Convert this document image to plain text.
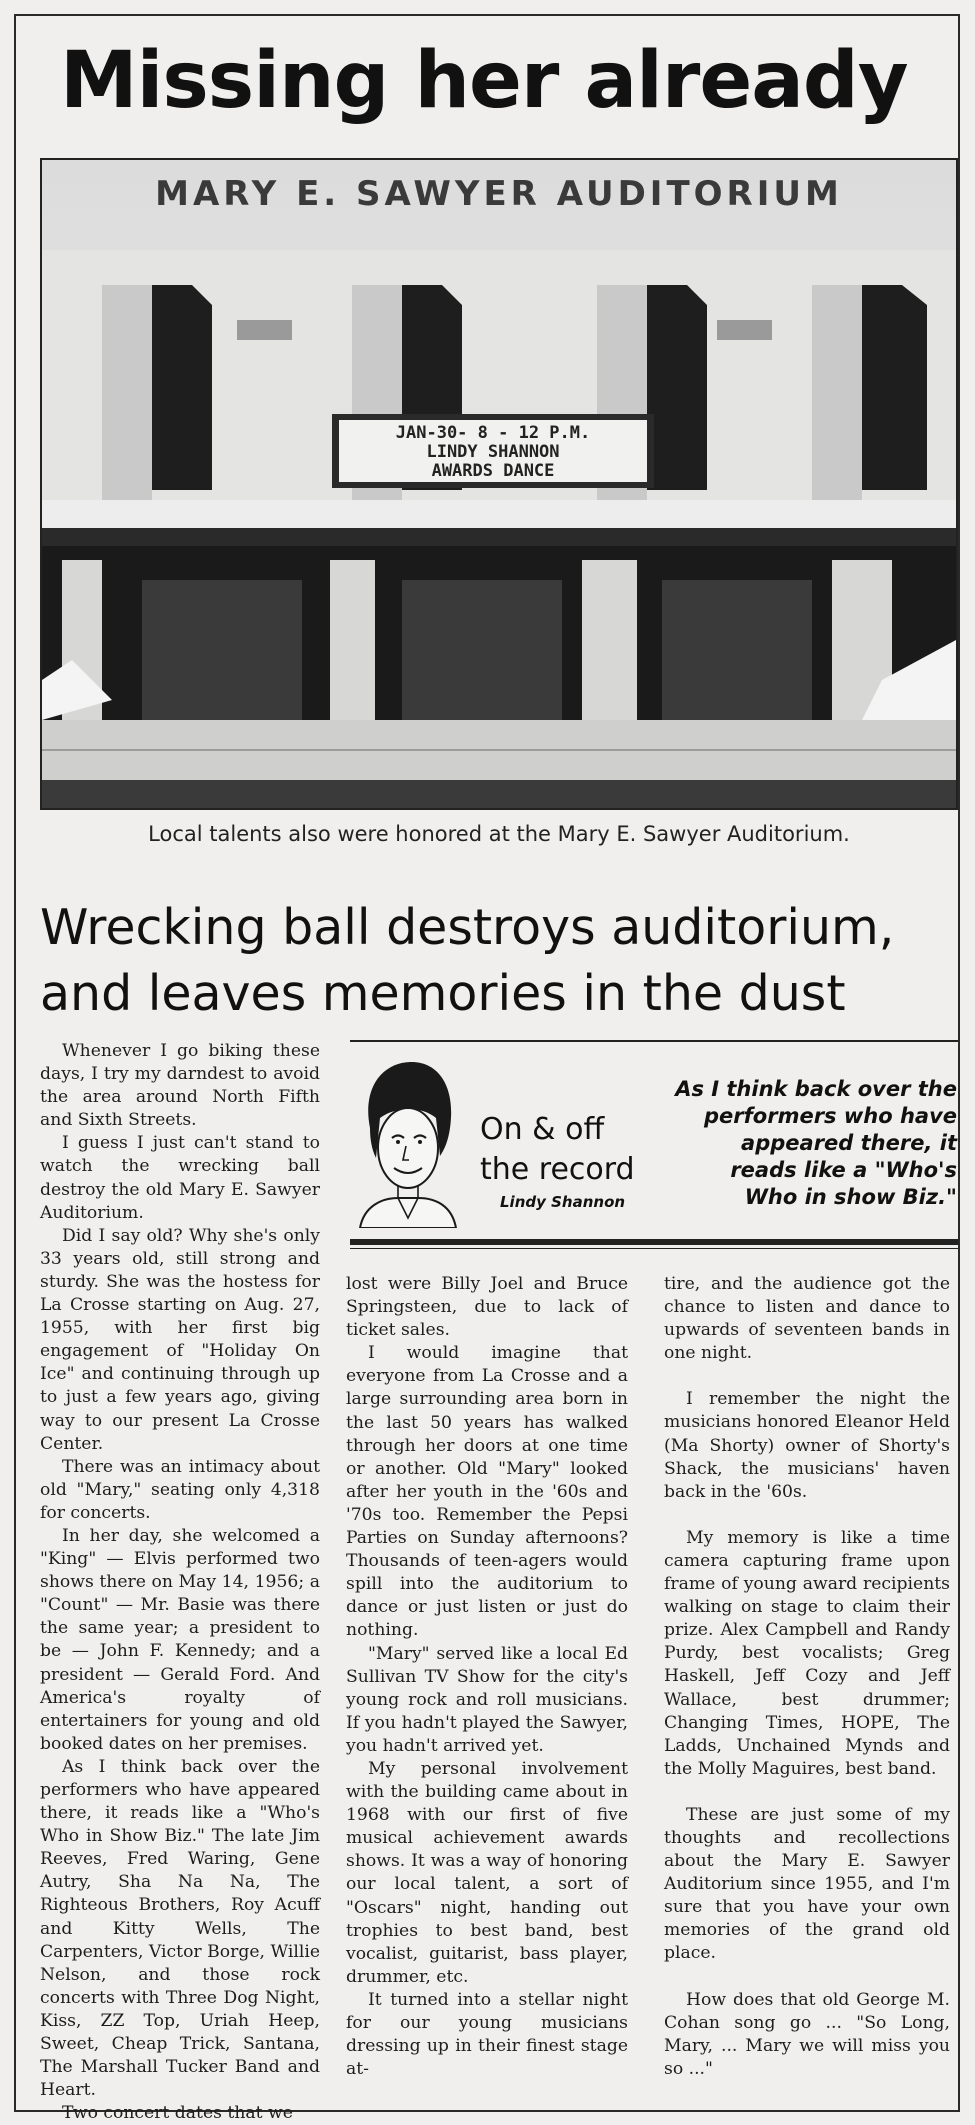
Missing her already
MARY E. SAWYER AUDITORIUM
JAN-30- 8 - 12 P.M.
LINDY SHANNON
AWARDS DANCE
Local talents also were honored at the Mary E. Sawyer Auditorium.
Wrecking ball destroys auditorium,
and leaves memories in the dust
On & off
the record
Lindy Shannon
As I think back over the performers who have appeared there, it reads like a "Who's Who in show Biz."

Whenever I go biking these days, I try my darndest to avoid the area around North Fifth and Sixth Streets.

I guess I just can't stand to watch the wrecking ball destroy the old Mary E. Sawyer Auditorium.

Did I say old? Why she's only 33 years old, still strong and sturdy. She was the hostess for La Crosse starting on Aug. 27, 1955, with her first big engagement of "Holiday On Ice" and continuing through up to just a few years ago, giving way to our present La Crosse Center.

There was an intimacy about old "Mary," seating only 4,318 for concerts.

In her day, she welcomed a "King" — Elvis performed two shows there on May 14, 1956; a "Count" — Mr. Basie was there the same year; a president to be — John F. Kennedy; and a president — Gerald Ford. And America's royalty of entertainers for young and old booked dates on her premises.

As I think back over the performers who have appeared there, it reads like a "Who's Who in Show Biz." The late Jim Reeves, Fred Waring, Gene Autry, Sha Na Na, The Righteous Brothers, Roy Acuff and Kitty Wells, The Carpenters, Victor Borge, Willie Nelson, and those rock concerts with Three Dog Night, Kiss, ZZ Top, Uriah Heep, Sweet, Cheap Trick, Santana, The Marshall Tucker Band and Heart.

Two concert dates that we

lost were Billy Joel and Bruce Springsteen, due to lack of ticket sales.

I would imagine that everyone from La Crosse and a large surrounding area born in the last 50 years has walked through her doors at one time or another. Old "Mary" looked after her youth in the '60s and '70s too. Remember the Pepsi Parties on Sunday afternoons? Thousands of teen-agers would spill into the auditorium to dance or just listen or just do nothing.

"Mary" served like a local Ed Sullivan TV Show for the city's young rock and roll musicians. If you hadn't played the Sawyer, you hadn't arrived yet.

My personal involvement with the building came about in 1968 with our first of five musical achievement awards shows. It was a way of honoring our local talent, a sort of "Oscars" night, handing out trophies to best band, best vocalist, guitarist, bass player, drummer, etc.

It turned into a stellar night for our young musicians dressing up in their finest stage at-

tire, and the audience got the chance to listen and dance to upwards of seventeen bands in one night.

I remember the night the musicians honored Eleanor Held (Ma Shorty) owner of Shorty's Shack, the musicians' haven back in the '60s.

My memory is like a time camera capturing frame upon frame of young award recipients walking on stage to claim their prize. Alex Campbell and Randy Purdy, best vocalists; Greg Haskell, Jeff Cozy and Jeff Wallace, best drummer; Changing Times, HOPE, The Ladds, Unchained Mynds and the Molly Maguires, best band.

These are just some of my thoughts and recollections about the Mary E. Sawyer Auditorium since 1955, and I'm sure that you have your own memories of the grand old place.

How does that old George M. Cohan song go ... "So Long, Mary, ... Mary we will miss you so ..."
